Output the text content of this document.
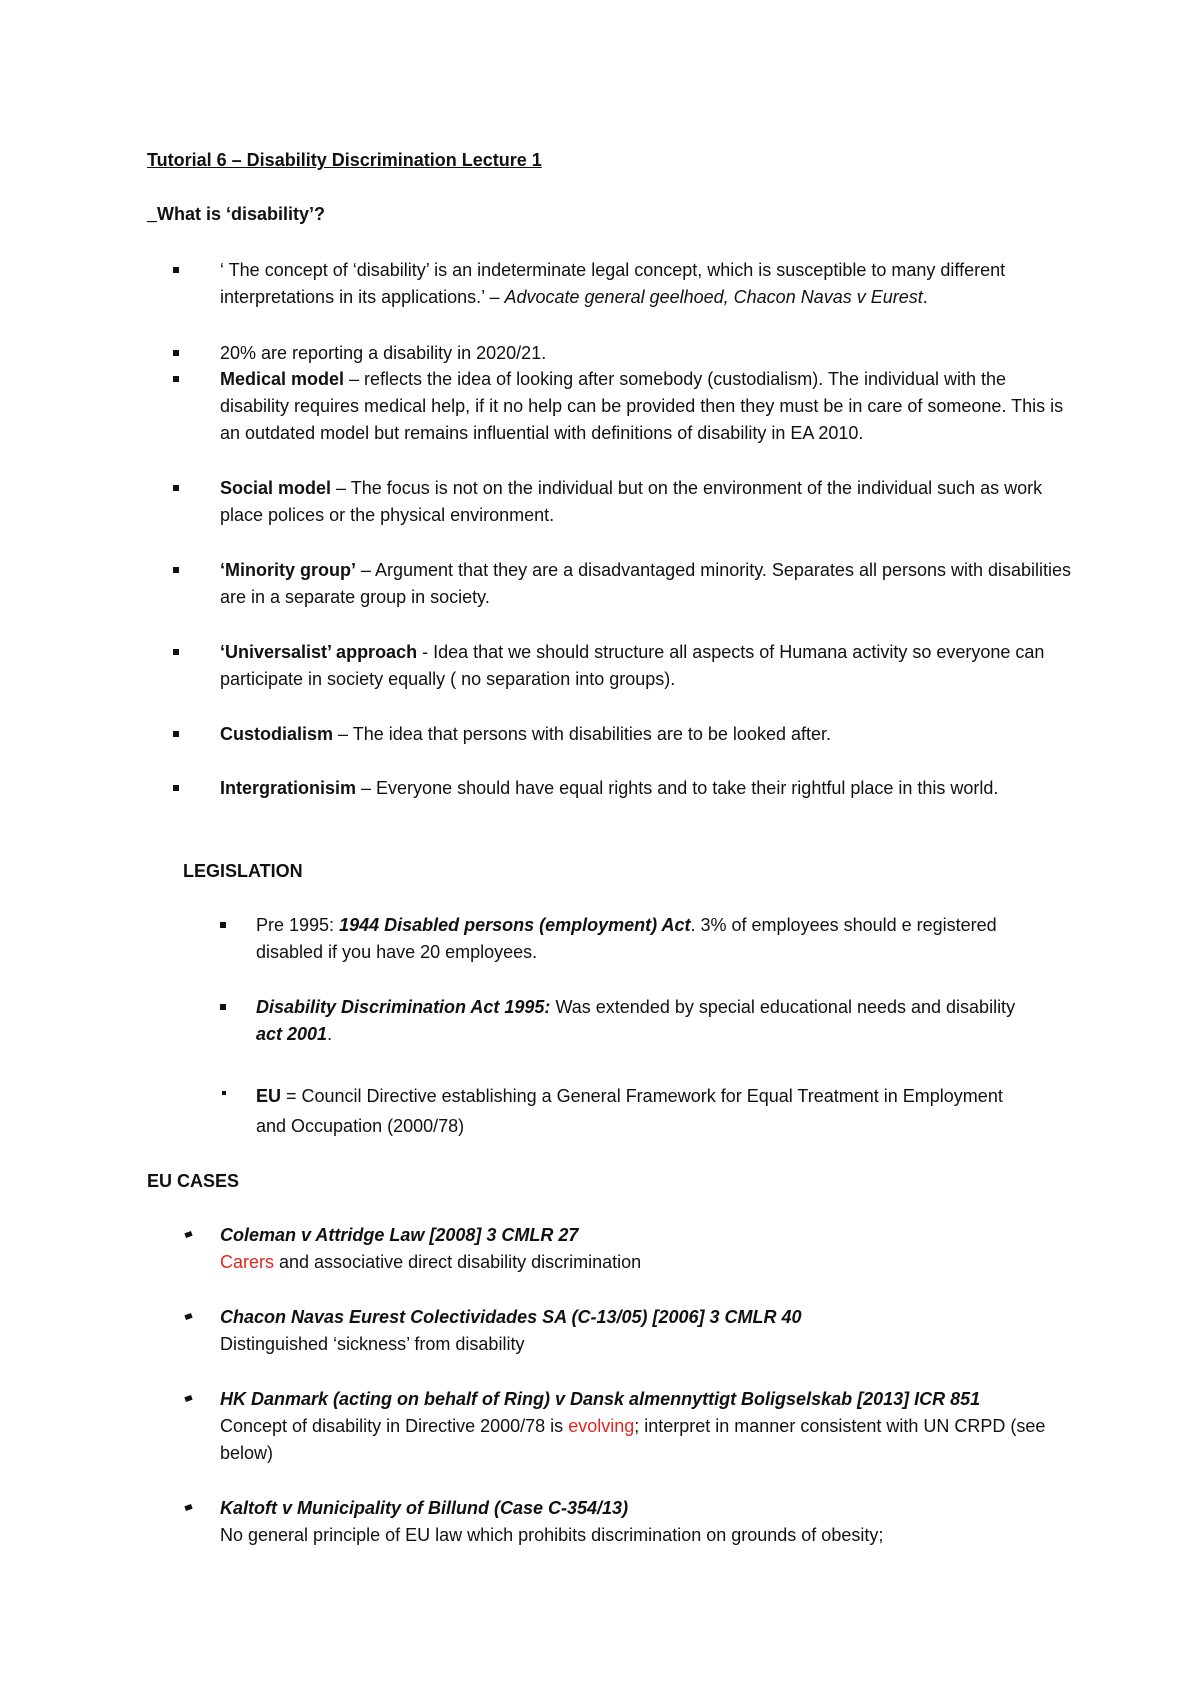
Tutorial 6 – Disability Discrimination Lecture 1
_What is ‘disability’?
‘ The concept of ‘disability’ is an indeterminate legal concept, which is susceptible to many different interpretations in its applications.’ – Advocate general geelhoed, Chacon Navas v Eurest.
20% are reporting a disability in 2020/21.
Medical model – reflects the idea of looking after somebody (custodialism). The individual with the disability requires medical help, if it no help can be provided then they must be in care of someone. This is an outdated model but remains influential with definitions of disability in EA 2010.
Social model – The focus is not on the individual but on the environment of the individual such as work place polices or the physical environment.
‘Minority group’ – Argument that they are a disadvantaged minority. Separates all persons with disabilities are in a separate group in society.
‘Universalist’ approach - Idea that we should structure all aspects of Humana activity so everyone can participate in society equally ( no separation into groups).
Custodialism – The idea that persons with disabilities are to be looked after.
Intergrationisim – Everyone should have equal rights and to take their rightful place in this world.
LEGISLATION
Pre 1995: 1944 Disabled persons (employment) Act. 3% of employees should e registered disabled if you have 20 employees.
Disability Discrimination Act 1995: Was extended by special educational needs and disability act 2001.
EU = Council Directive establishing a General Framework for Equal Treatment in Employment and Occupation (2000/78)
EU CASES
Coleman v Attridge Law [2008] 3 CMLR 27
Carers and associative direct disability discrimination
Chacon Navas Eurest Colectividades SA (C-13/05) [2006] 3 CMLR 40
Distinguished ‘sickness’ from disability
HK Danmark (acting on behalf of Ring) v Dansk almennyttigt Boligselskab [2013] ICR 851
Concept of disability in Directive 2000/78 is evolving; interpret in manner consistent with UN CRPD (see below)
Kaltoft v Municipality of Billund (Case C-354/13)
No general principle of EU law which prohibits discrimination on grounds of obesity;
